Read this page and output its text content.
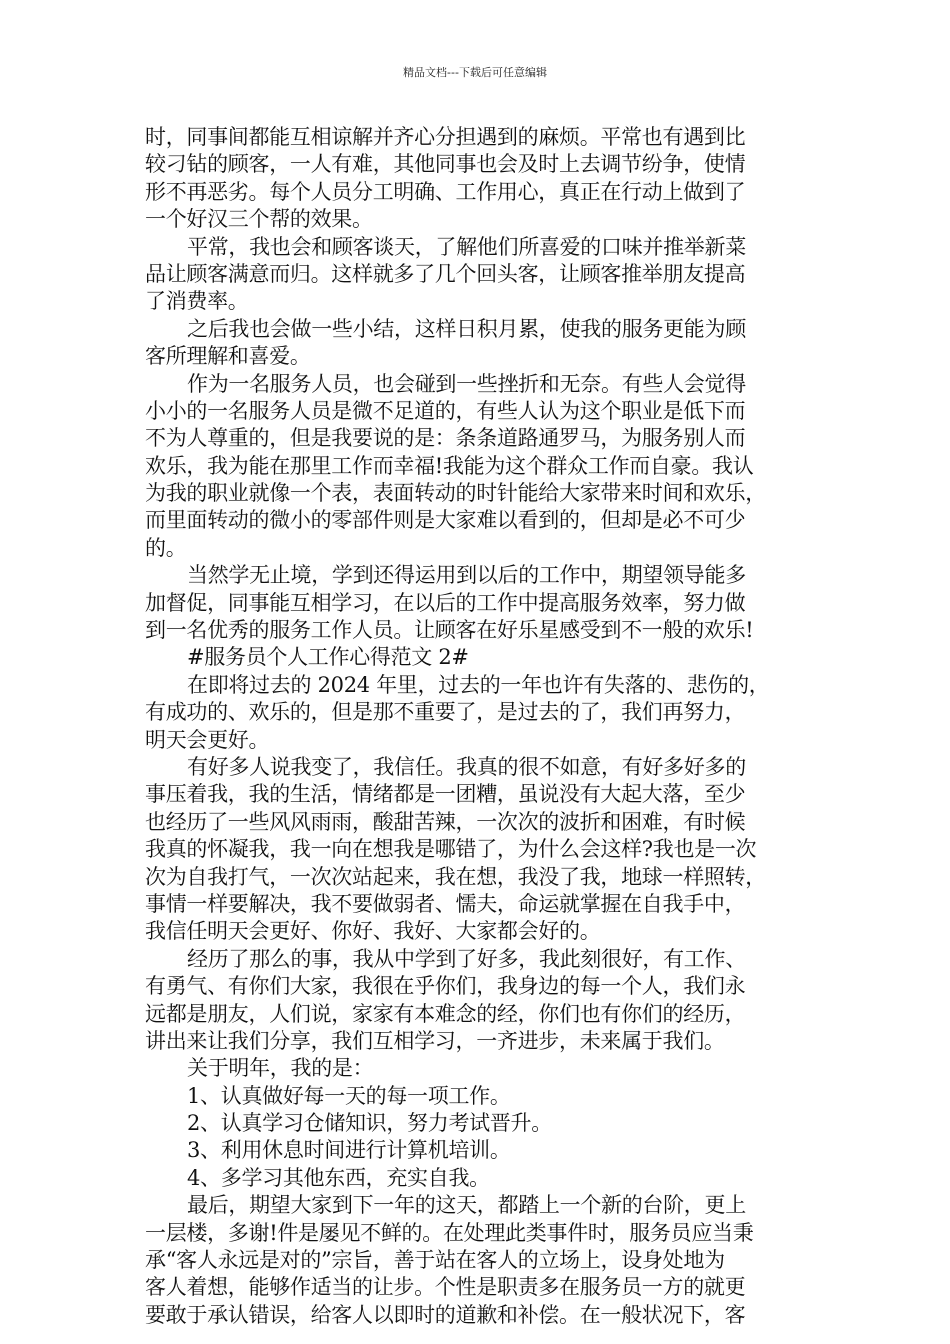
精品文档---下载后可任意编辑
时，同事间都能互相谅解并齐心分担遇到的麻烦。平常也有遇到比
较刁钻的顾客，一人有难，其他同事也会及时上去调节纷争，使情
形不再恶劣。每个人员分工明确、工作用心，真正在行动上做到了
一个好汉三个帮的效果。
平常，我也会和顾客谈天，了解他们所喜爱的口味并推举新菜
品让顾客满意而归。这样就多了几个回头客，让顾客推举朋友提高
了消费率。
之后我也会做一些小结，这样日积月累，使我的服务更能为顾
客所理解和喜爱。
作为一名服务人员，也会碰到一些挫折和无奈。有些人会觉得
小小的一名服务人员是微不足道的，有些人认为这个职业是低下而
不为人尊重的，但是我要说的是：条条道路通罗马，为服务别人而
欢乐，我为能在那里工作而幸福!我能为这个群众工作而自豪。我认
为我的职业就像一个表，表面转动的时针能给大家带来时间和欢乐，
而里面转动的微小的零部件则是大家难以看到的，但却是必不可少
的。
当然学无止境，学到还得运用到以后的工作中，期望领导能多
加督促，同事能互相学习，在以后的工作中提高服务效率，努力做
到一名优秀的服务工作人员。让顾客在好乐星感受到不一般的欢乐!
#服务员个人工作心得范文 2#
在即将过去的 2024 年里，过去的一年也许有失落的、悲伤的，
有成功的、欢乐的，但是那不重要了，是过去的了，我们再努力，
明天会更好。
有好多人说我变了，我信任。我真的很不如意，有好多好多的
事压着我，我的生活，情绪都是一团糟，虽说没有大起大落，至少
也经历了一些风风雨雨，酸甜苦辣，一次次的波折和困难，有时候
我真的怀凝我，我一向在想我是哪错了，为什么会这样?我也是一次
次为自我打气，一次次站起来，我在想，我没了我，地球一样照转，
事情一样要解决，我不要做弱者、懦夫，命运就掌握在自我手中，
我信任明天会更好、你好、我好、大家都会好的。
经历了那么的事，我从中学到了好多，我此刻很好，有工作、
有勇气、有你们大家，我很在乎你们，我身边的每一个人，我们永
远都是朋友，人们说，家家有本难念的经，你们也有你们的经历，
讲出来让我们分享，我们互相学习，一齐进步，未来属于我们。
关于明年，我的是：
1、认真做好每一天的每一项工作。
2、认真学习仓储知识，努力考试晋升。
3、利用休息时间进行计算机培训。
4、多学习其他东西，充实自我。
最后，期望大家到下一年的这天，都踏上一个新的台阶，更上
一层楼，多谢!件是屡见不鲜的。在处理此类事件时，服务员应当秉
承“客人永远是对的”宗旨，善于站在客人的立场上，设身处地为
客人着想，能够作适当的让步。个性是职责多在服务员一方的就更
要敢于承认错误，给客人以即时的道歉和补偿。在一般状况下，客
